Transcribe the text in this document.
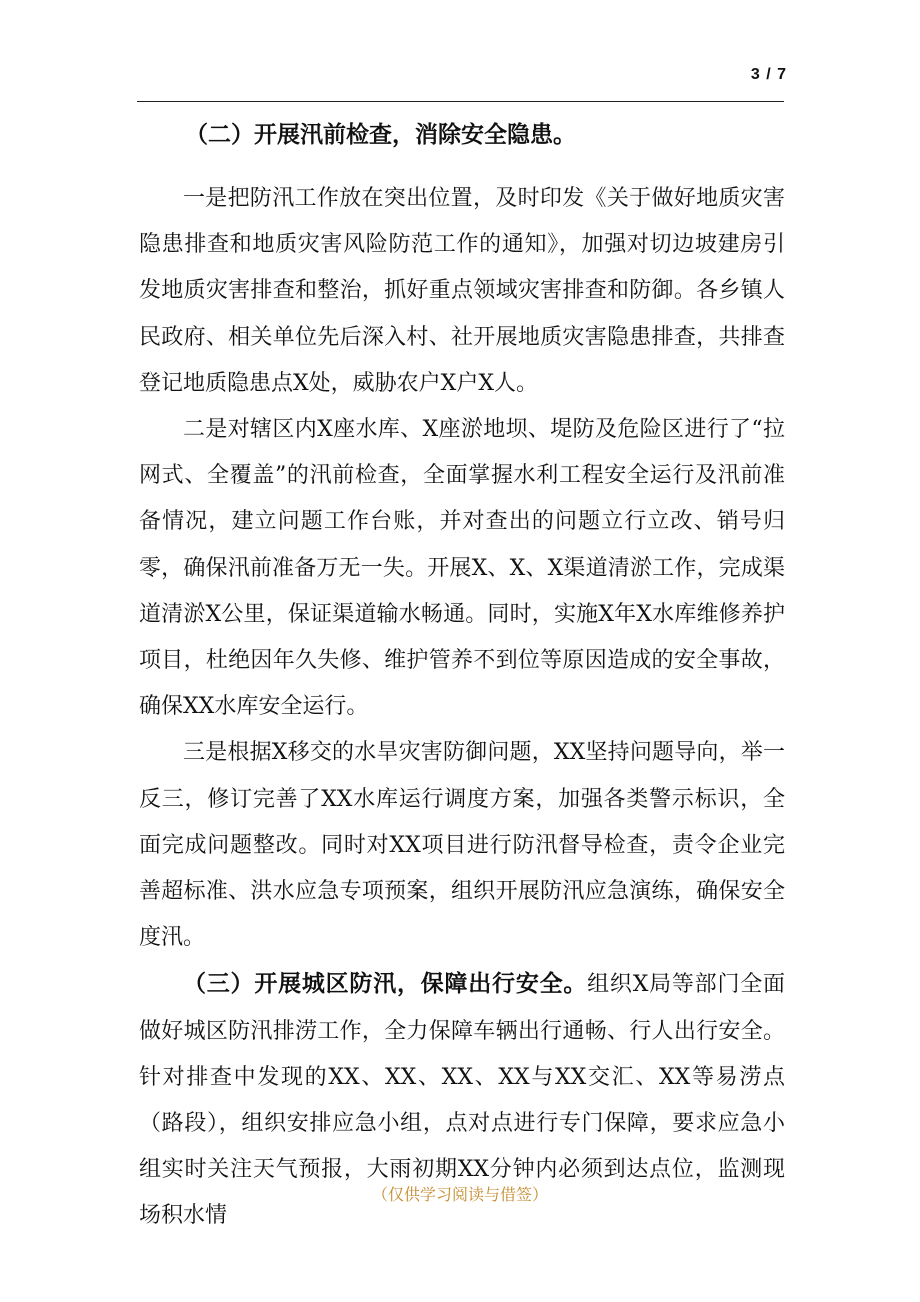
3 / 7

（二）开展汛前检查，消除安全隐患。

一是把防汛工作放在突出位置，及时印发《关于做好地质灾害隐患排查和地质灾害风险防范工作的通知》，加强对切边坡建房引发地质灾害排查和整治，抓好重点领域灾害排查和防御。各乡镇人民政府、相关单位先后深入村、社开展地质灾害隐患排查，共排查登记地质隐患点X处，威胁农户X户X人。

二是对辖区内X座水库、X座淤地坝、堤防及危险区进行了“拉网式、全覆盖”的汛前检查，全面掌握水利工程安全运行及汛前准备情况，建立问题工作台账，并对查出的问题立行立改、销号归零，确保汛前准备万无一失。开展X、X、X渠道清淤工作，完成渠道清淤X公里，保证渠道输水畅通。同时，实施X年X水库维修养护项目，杜绝因年久失修、维护管养不到位等原因造成的安全事故，确保XX水库安全运行。

三是根据X移交的水旱灾害防御问题，XX坚持问题导向，举一反三，修订完善了XX水库运行调度方案，加强各类警示标识，全面完成问题整改。同时对XX项目进行防汛督导检查，责令企业完善超标准、洪水应急专项预案，组织开展防汛应急演练，确保安全度汛。

（三）开展城区防汛，保障出行安全。组织X局等部门全面做好城区防汛排涝工作，全力保障车辆出行通畅、行人出行安全。针对排查中发现的XX、XX、XX、XX与XX交汇、XX等易涝点（路段），组织安排应急小组，点对点进行专门保障，要求应急小组实时关注天气预报，大雨初期XX分钟内必须到达点位，监测现场积水情

（仅供学习阅读与借签）
